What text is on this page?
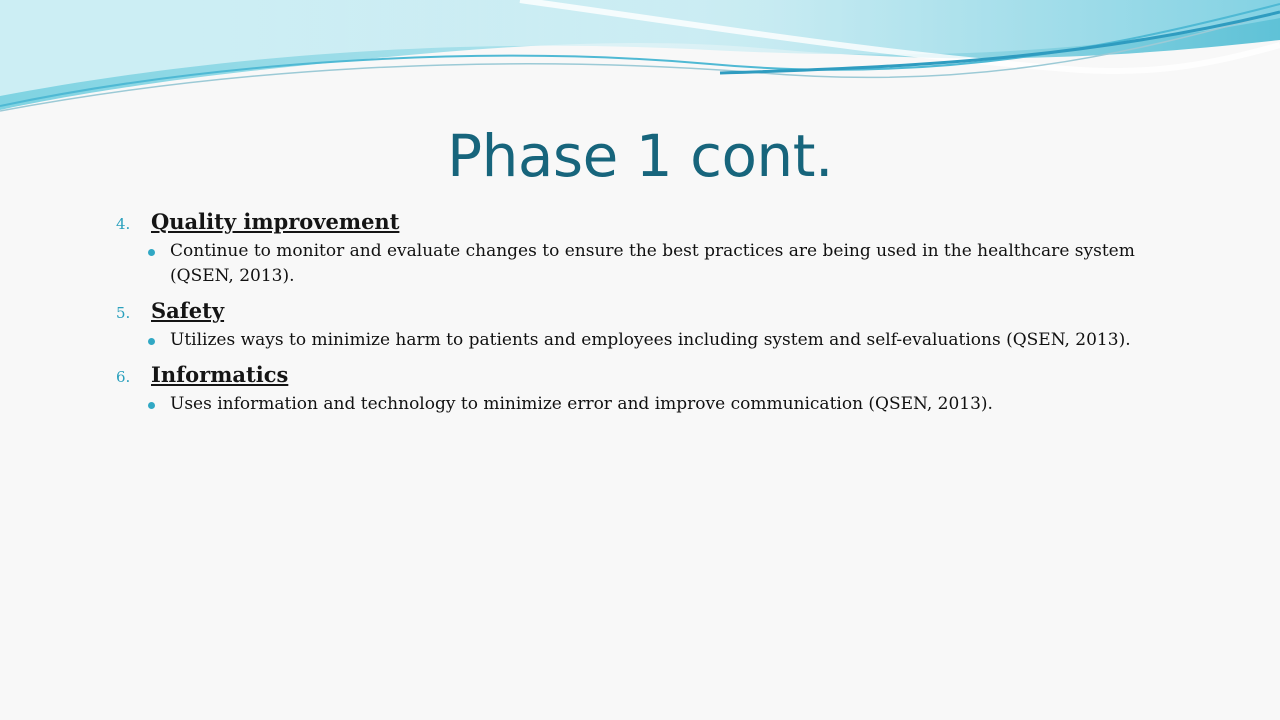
Phase 1 cont.
4. Quality improvement
Continue to monitor and evaluate changes to ensure the best practices are being used in the healthcare system (QSEN, 2013).
5. Safety
Utilizes ways to minimize harm to patients and employees including system and self-evaluations (QSEN, 2013).
6. Informatics
Uses information and technology to minimize error and improve communication (QSEN, 2013).
